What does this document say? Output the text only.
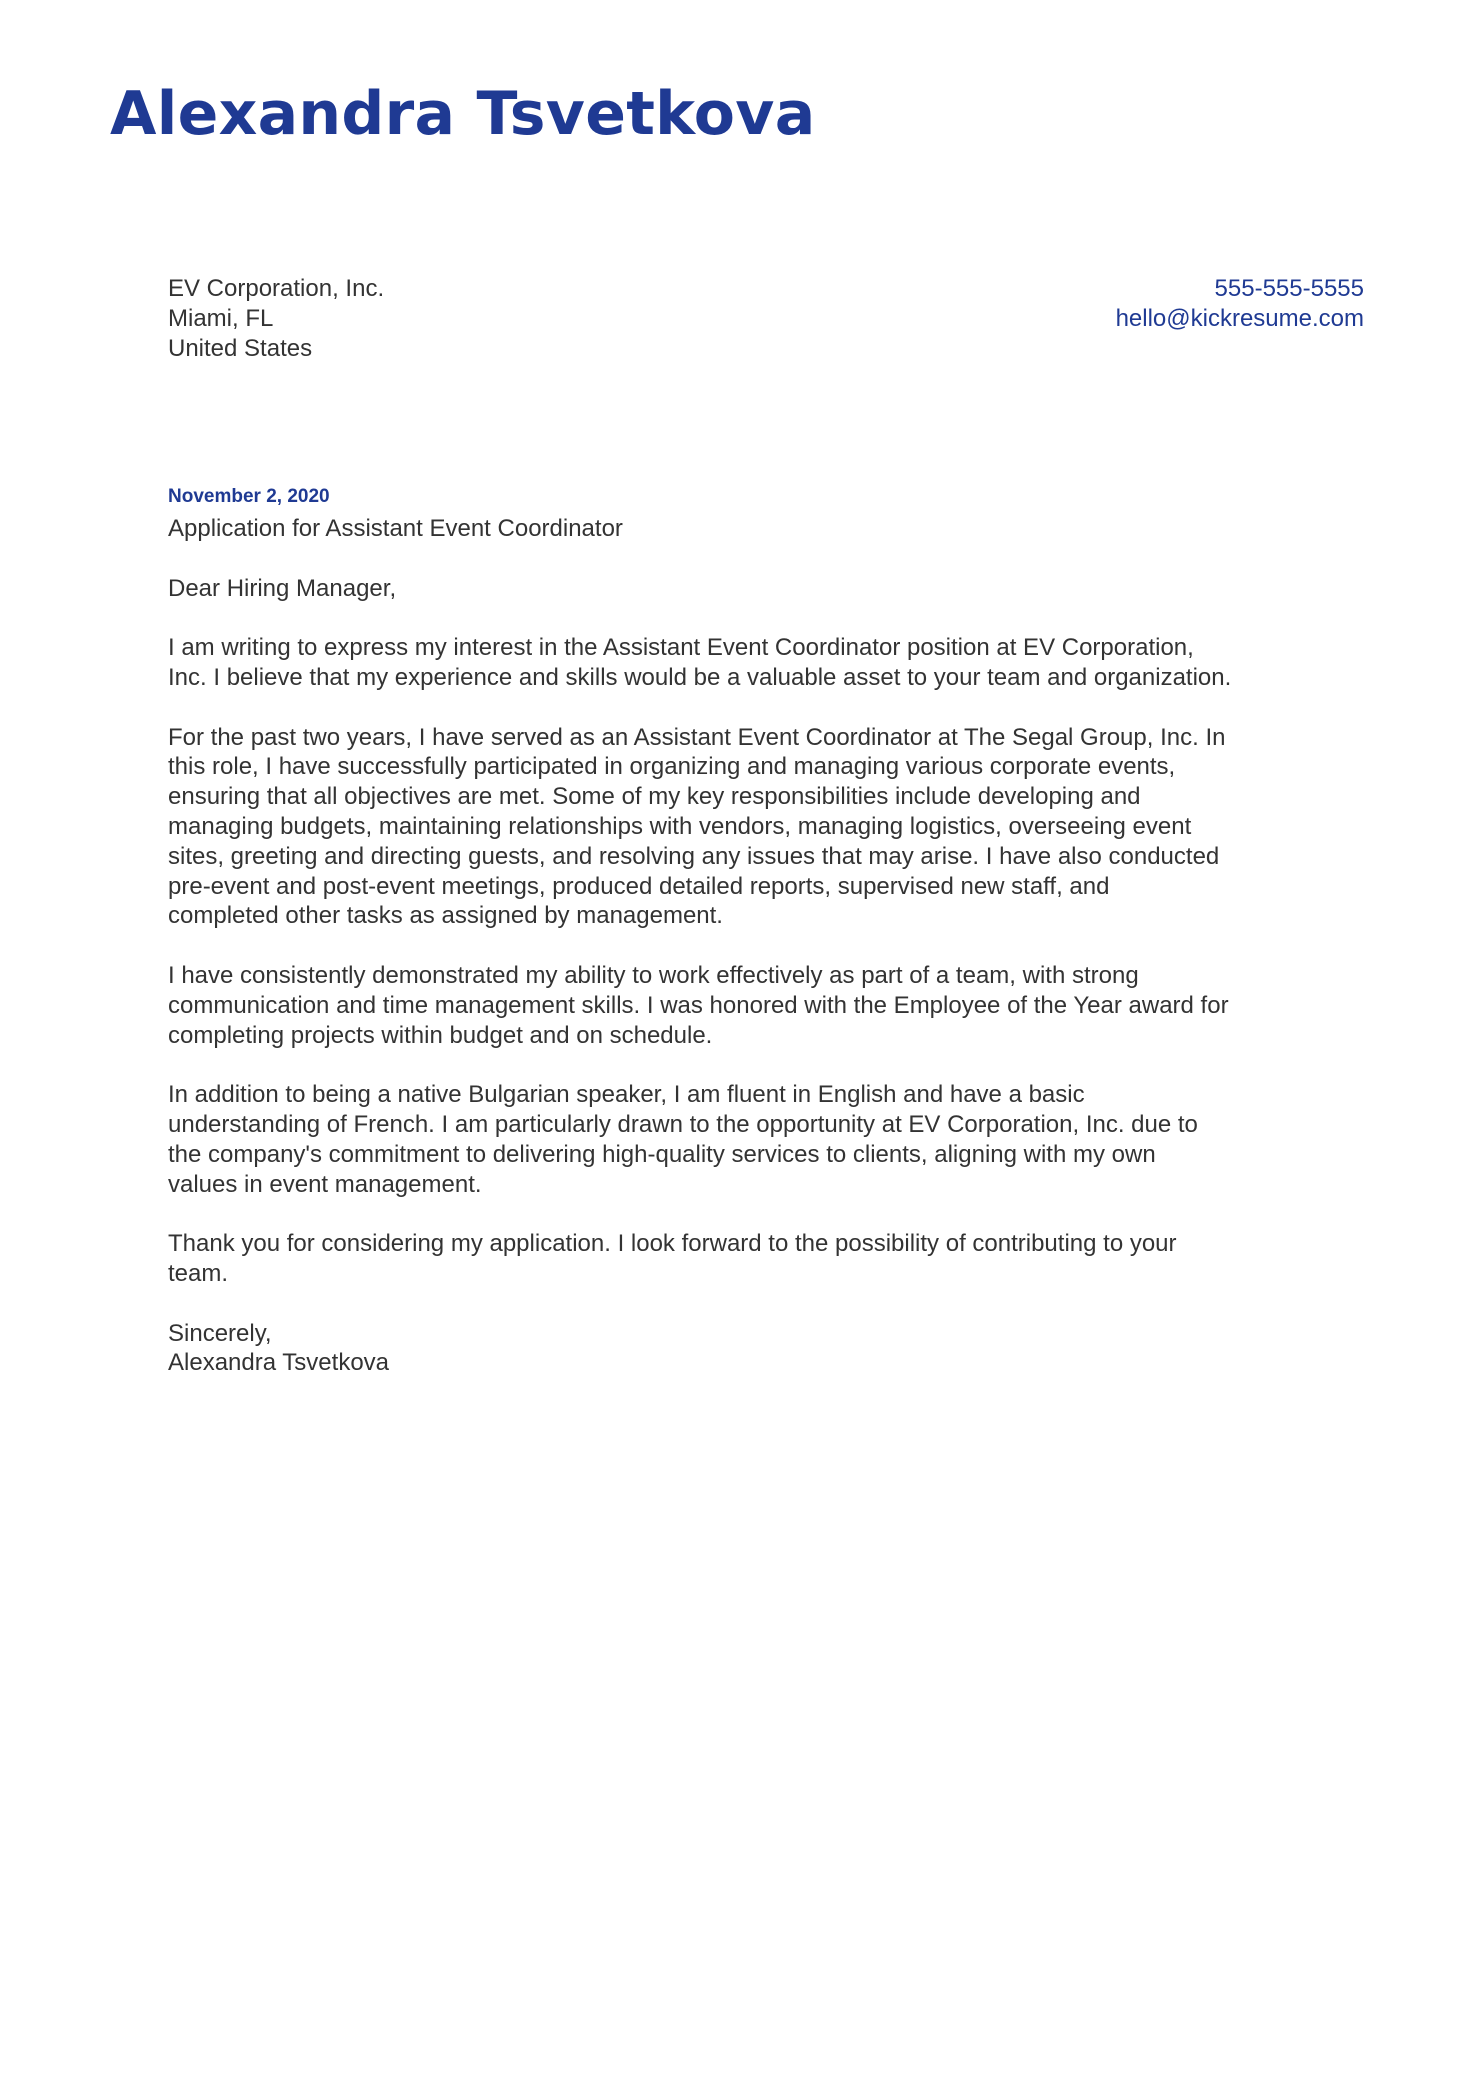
Alexandra Tsvetkova
EV Corporation, Inc.
Miami, FL
United States
555-555-5555
hello@kickresume.com
November 2, 2020

Application for Assistant Event Coordinator

Dear Hiring Manager,

I am writing to express my interest in the Assistant Event Coordinator position at EV Corporation,
Inc. I believe that my experience and skills would be a valuable asset to your team and organization.

For the past two years, I have served as an Assistant Event Coordinator at The Segal Group, Inc. In
this role, I have successfully participated in organizing and managing various corporate events,
ensuring that all objectives are met. Some of my key responsibilities include developing and
managing budgets, maintaining relationships with vendors, managing logistics, overseeing event
sites, greeting and directing guests, and resolving any issues that may arise. I have also conducted
pre-event and post-event meetings, produced detailed reports, supervised new staff, and
completed other tasks as assigned by management.

I have consistently demonstrated my ability to work effectively as part of a team, with strong
communication and time management skills. I was honored with the Employee of the Year award for
completing projects within budget and on schedule.

In addition to being a native Bulgarian speaker, I am fluent in English and have a basic
understanding of French. I am particularly drawn to the opportunity at EV Corporation, Inc. due to
the company's commitment to delivering high-quality services to clients, aligning with my own
values in event management.

Thank you for considering my application. I look forward to the possibility of contributing to your
team.

Sincerely,

Alexandra Tsvetkova
